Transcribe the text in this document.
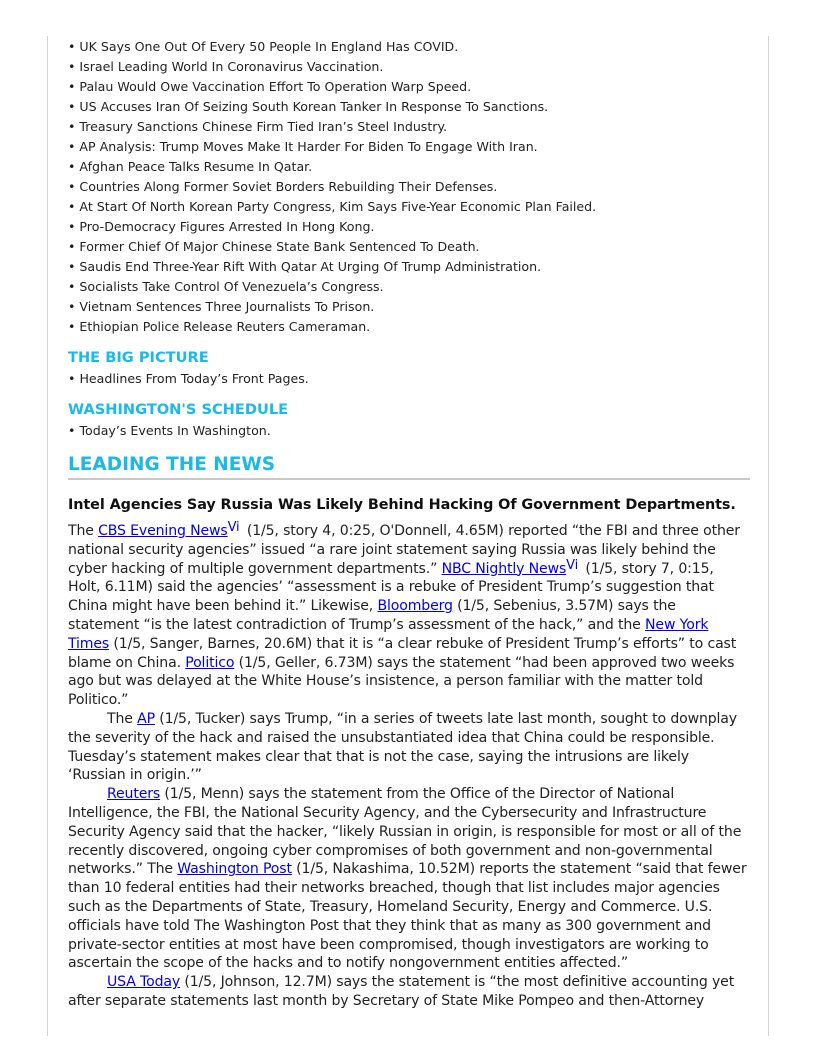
• UK Says One Out Of Every 50 People In England Has COVID.
• Israel Leading World In Coronavirus Vaccination.
• Palau Would Owe Vaccination Effort To Operation Warp Speed.
• US Accuses Iran Of Seizing South Korean Tanker In Response To Sanctions.
• Treasury Sanctions Chinese Firm Tied Iran’s Steel Industry.
• AP Analysis: Trump Moves Make It Harder For Biden To Engage With Iran.
• Afghan Peace Talks Resume In Qatar.
• Countries Along Former Soviet Borders Rebuilding Their Defenses.
• At Start Of North Korean Party Congress, Kim Says Five-Year Economic Plan Failed.
• Pro-Democracy Figures Arrested In Hong Kong.
• Former Chief Of Major Chinese State Bank Sentenced To Death.
• Saudis End Three-Year Rift With Qatar At Urging Of Trump Administration.
• Socialists Take Control Of Venezuela’s Congress.
• Vietnam Sentences Three Journalists To Prison.
• Ethiopian Police Release Reuters Cameraman.
THE BIG PICTURE
• Headlines From Today’s Front Pages.
WASHINGTON'S SCHEDULE
• Today’s Events In Washington.
LEADING THE NEWS
Intel Agencies Say Russia Was Likely Behind Hacking Of Government Departments.

The CBS Evening News$^{Vi}$ (1/5, story 4, 0:25, O'Donnell, 4.65M) reported “the FBI and three other national security agencies” issued “a rare joint statement saying Russia was likely behind the cyber hacking of multiple government departments.” NBC Nightly News$^{Vi}$ (1/5, story 7, 0:15, Holt, 6.11M) said the agencies’ “assessment is a rebuke of President Trump’s suggestion that China might have been behind it.” Likewise, Bloomberg (1/5, Sebenius, 3.57M) says the statement “is the latest contradiction of Trump’s assessment of the hack,” and the New York Times (1/5, Sanger, Barnes, 20.6M) that it is “a clear rebuke of President Trump’s efforts” to cast blame on China. Politico (1/5, Geller, 6.73M) says the statement “had been approved two weeks ago but was delayed at the White House’s insistence, a person familiar with the matter told Politico.”

The AP (1/5, Tucker) says Trump, “in a series of tweets late last month, sought to downplay the severity of the hack and raised the unsubstantiated idea that China could be responsible. Tuesday’s statement makes clear that that is not the case, saying the intrusions are likely ‘Russian in origin.’”

Reuters (1/5, Menn) says the statement from the Office of the Director of National Intelligence, the FBI, the National Security Agency, and the Cybersecurity and Infrastructure Security Agency said that the hacker, “likely Russian in origin, is responsible for most or all of the recently discovered, ongoing cyber compromises of both government and non-governmental networks.” The Washington Post (1/5, Nakashima, 10.52M) reports the statement “said that fewer than 10 federal entities had their networks breached, though that list includes major agencies such as the Departments of State, Treasury, Homeland Security, Energy and Commerce. U.S. officials have told The Washington Post that they think that as many as 300 government and private-sector entities at most have been compromised, though investigators are working to ascertain the scope of the hacks and to notify nongovernment entities affected.”

USA Today (1/5, Johnson, 12.7M) says the statement is “the most definitive accounting yet after separate statements last month by Secretary of State Mike Pompeo and then-Attorney
